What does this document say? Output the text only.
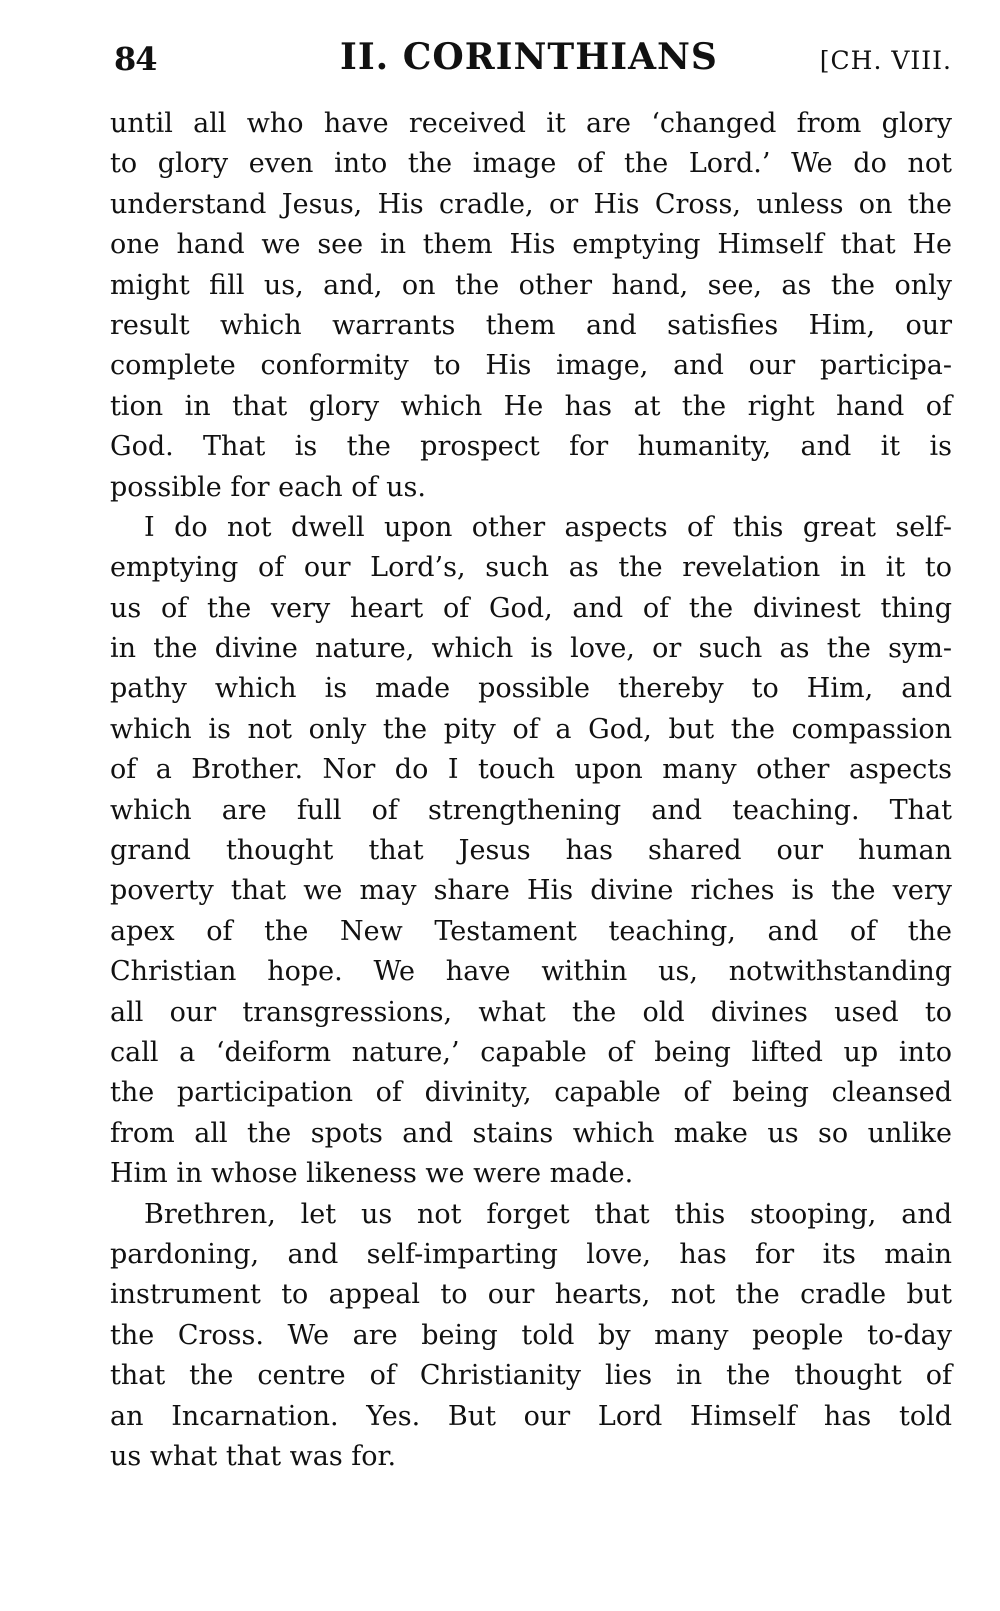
84	II. CORINTHIANS	[CH. VIII.
until all who have received it are ‘changed from glory
to glory even into the image of the Lord.’ We do not
understand Jesus, His cradle, or His Cross, unless on the
one hand we see in them His emptying Himself that He
might fill us, and, on the other hand, see, as the only
result which warrants them and satisfies Him, our
complete conformity to His image, and our participa-
tion in that glory which He has at the right hand of
God. That is the prospect for humanity, and it is
possible for each of us.
I do not dwell upon other aspects of this great self-
emptying of our Lord’s, such as the revelation in it to
us of the very heart of God, and of the divinest thing
in the divine nature, which is love, or such as the sym-
pathy which is made possible thereby to Him, and
which is not only the pity of a God, but the compassion
of a Brother. Nor do I touch upon many other aspects
which are full of strengthening and teaching. That
grand thought that Jesus has shared our human
poverty that we may share His divine riches is the very
apex of the New Testament teaching, and of the
Christian hope. We have within us, notwithstanding
all our transgressions, what the old divines used to
call a ‘deiform nature,’ capable of being lifted up into
the participation of divinity, capable of being cleansed
from all the spots and stains which make us so unlike
Him in whose likeness we were made.
Brethren, let us not forget that this stooping, and
pardoning, and self-imparting love, has for its main
instrument to appeal to our hearts, not the cradle but
the Cross. We are being told by many people to-day
that the centre of Christianity lies in the thought of
an Incarnation. Yes. But our Lord Himself has told
us what that was for.
